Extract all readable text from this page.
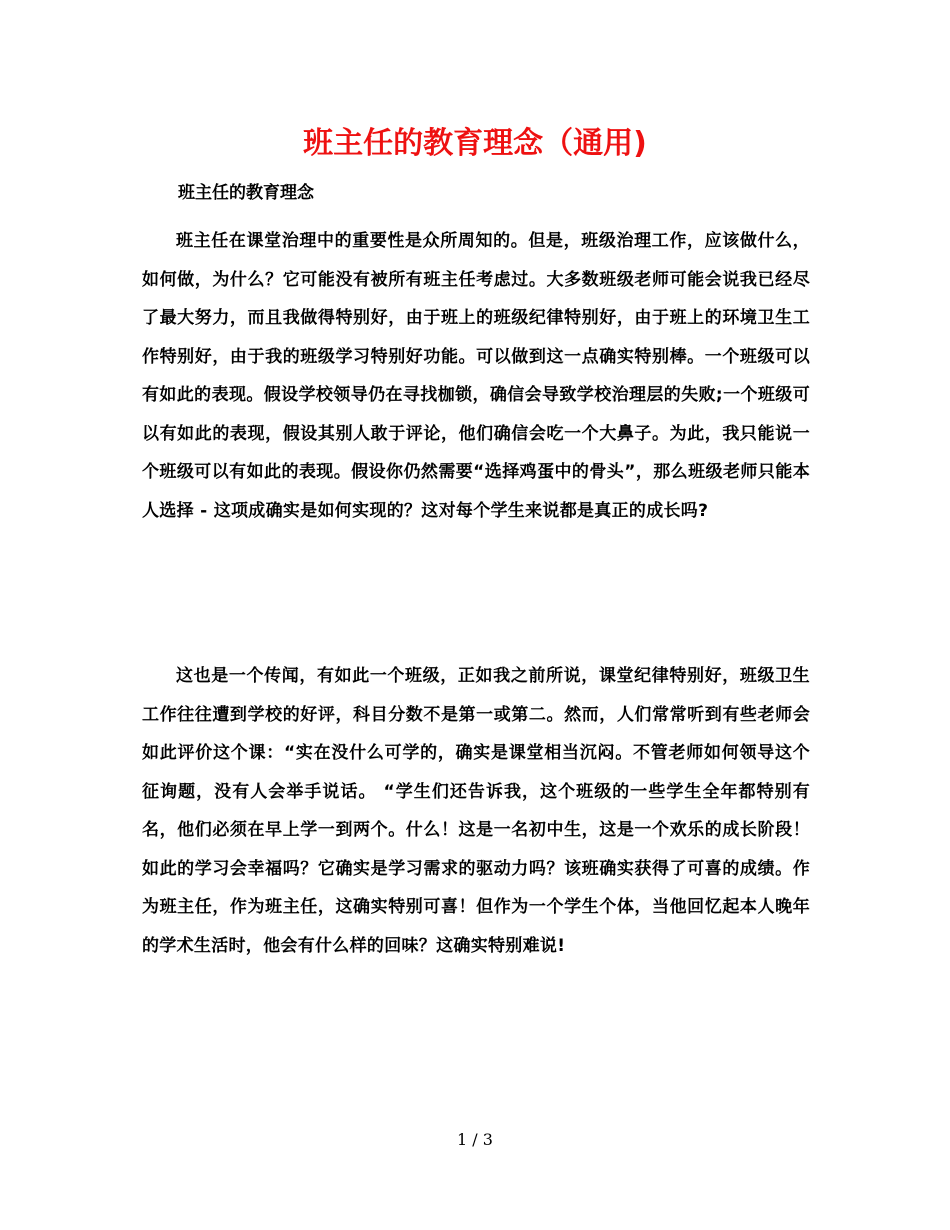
班主任的教育理念（通用)

班主任的教育理念

班主任在课堂治理中的重要性是众所周知的。但是，班级治理工作，应该做什么，如何做，为什么？它可能没有被所有班主任考虑过。大多数班级老师可能会说我已经尽了最大努力，而且我做得特别好，由于班上的班级纪律特别好，由于班上的环境卫生工作特别好，由于我的班级学习特别好功能。可以做到这一点确实特别棒。一个班级可以有如此的表现。假设学校领导仍在寻找枷锁，确信会导致学校治理层的失败;一个班级可以有如此的表现，假设其别人敢于评论，他们确信会吃一个大鼻子。为此，我只能说一个班级可以有如此的表现。假设你仍然需要“选择鸡蛋中的骨头”，那么班级老师只能本人选择 - 这项成确实是如何实现的？这对每个学生来说都是真正的成长吗?

这也是一个传闻，有如此一个班级，正如我之前所说，课堂纪律特别好，班级卫生工作往往遭到学校的好评，科目分数不是第一或第二。然而，人们常常听到有些老师会如此评价这个课：“实在没什么可学的，确实是课堂相当沉闷。不管老师如何领导这个征询题，没有人会举手说话。 “学生们还告诉我，这个班级的一些学生全年都特别有名，他们必须在早上学一到两个。什么！这是一名初中生，这是一个欢乐的成长阶段！如此的学习会幸福吗？它确实是学习需求的驱动力吗？该班确实获得了可喜的成绩。作为班主任，作为班主任，这确实特别可喜！但作为一个学生个体，当他回忆起本人晚年的学术生活时，他会有什么样的回味？这确实特别难说!

1 / 3
